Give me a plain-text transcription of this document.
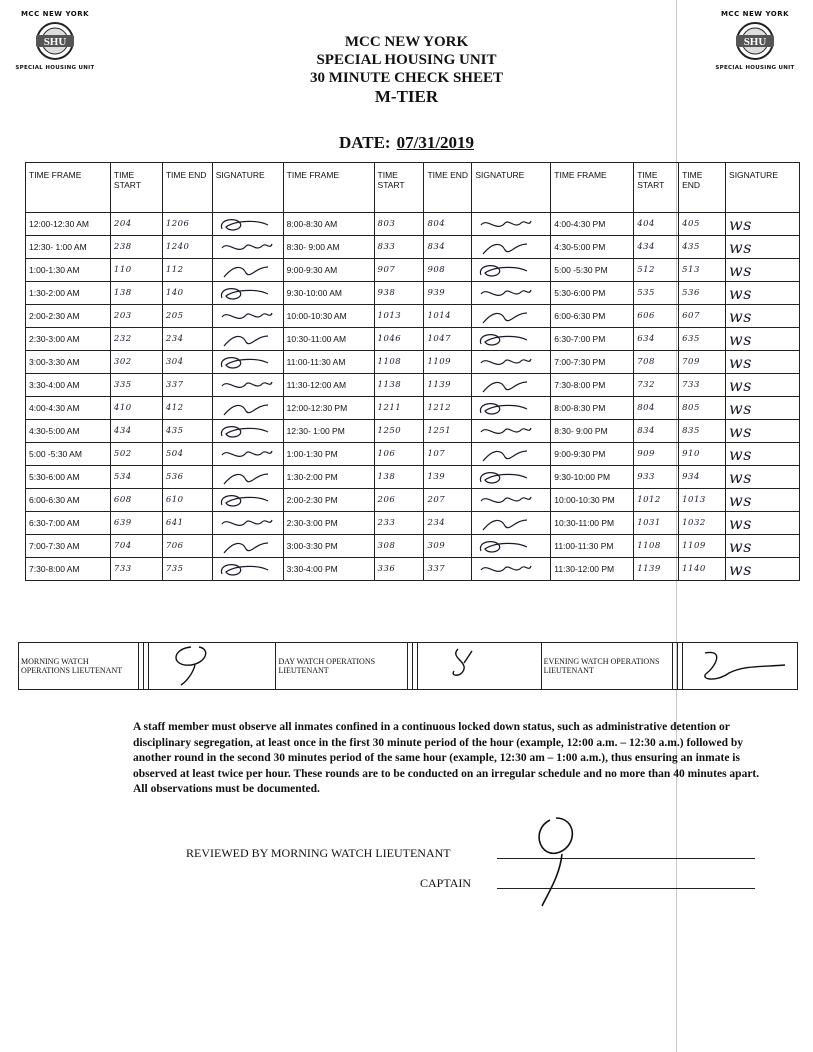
MCC NEW YORK
SHU
SPECIAL HOUSING UNIT
MCC NEW YORK
SHU
SPECIAL HOUSING UNIT
MCC NEW YORK
SPECIAL HOUSING UNIT
30 MINUTE CHECK SHEET
M-TIER
DATE: 07/31/2019
TIME FRAME	TIME START	TIME END	SIGNATURE	TIME FRAME	TIME START	TIME END	SIGNATURE	TIME FRAME	TIME START	TIME END	SIGNATURE
12:00-12:30 AM	204	1206		8:00-8:30 AM	803	804		4:00-4:30 PM	404	405	ws
12:30- 1:00 AM	238	1240		8:30- 9:00 AM	833	834		4:30-5:00 PM	434	435	ws
1:00-1:30 AM	110	112		9:00-9:30 AM	907	908		5:00 -5:30 PM	512	513	ws
1:30-2:00 AM	138	140		9:30-10:00 AM	938	939		5:30-6:00 PM	535	536	ws
2:00-2:30 AM	203	205		10:00-10:30 AM	1013	1014		6:00-6:30 PM	606	607	ws
2:30-3:00 AM	232	234		10:30-11:00 AM	1046	1047		6:30-7:00 PM	634	635	ws
3:00-3:30 AM	302	304		11:00-11:30 AM	1108	1109		7:00-7:30 PM	708	709	ws
3:30-4:00 AM	335	337		11:30-12:00 AM	1138	1139		7:30-8:00 PM	732	733	ws
4:00-4:30 AM	410	412		12:00-12:30 PM	1211	1212		8:00-8:30 PM	804	805	ws
4:30-5:00 AM	434	435		12:30- 1:00 PM	1250	1251		8:30- 9:00 PM	834	835	ws
5:00 -5:30 AM	502	504		1:00-1:30 PM	106	107		9:00-9:30 PM	909	910	ws
5:30-6:00 AM	534	536		1:30-2:00 PM	138	139		9:30-10:00 PM	933	934	ws
6:00-6:30 AM	608	610		2:00-2:30 PM	206	207		10:00-10:30 PM	1012	1013	ws
6:30-7:00 AM	639	641		2:30-3:00 PM	233	234		10:30-11:00 PM	1031	1032	ws
7:00-7:30 AM	704	706		3:00-3:30 PM	308	309		11:00-11:30 PM	1108	1109	ws
7:30-8:00 AM	733	735		3:30-4:00 PM	336	337		11:30-12:00 PM	1139	1140	ws
MORNING WATCH OPERATIONS LIEUTENANT				DAY WATCH OPERATIONS LIEUTENANT				EVENING WATCH OPERATIONS LIEUTENANT			
A staff member must observe all inmates confined in a continuous locked down status, such as administrative detention or disciplinary segregation, at least once in the first 30 minute period of the hour (example, 12:00 a.m. – 12:30 a.m.) followed by another round in the second 30 minutes period of the same hour (example, 12:30 am – 1:00 a.m.), thus ensuring an inmate is observed at least twice per hour. These rounds are to be conducted on an irregular schedule and no more than 40 minutes apart. All observations must be documented.
REVIEWED BY MORNING WATCH LIEUTENANT
CAPTAIN
